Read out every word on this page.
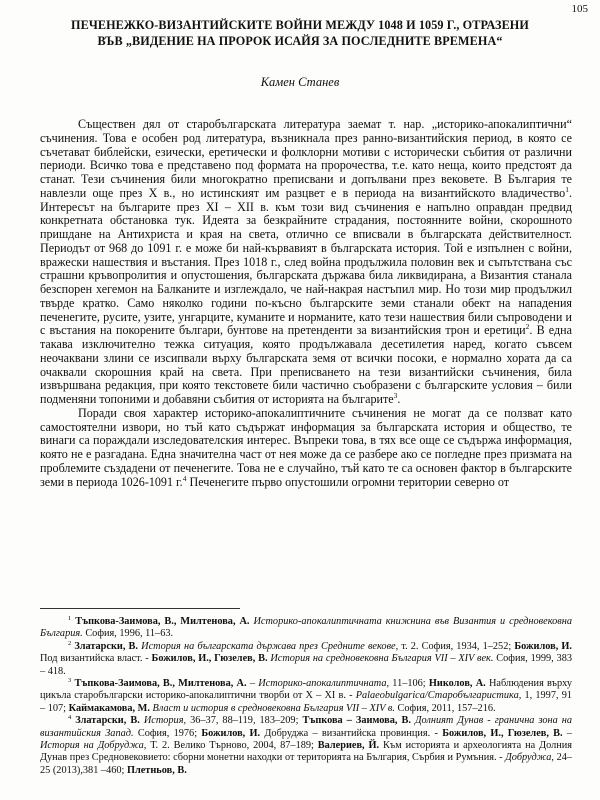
105
ПЕЧЕНЕЖКО-ВИЗАНТИЙСКИТЕ ВОЙНИ МЕЖДУ 1048 И 1059 Г., ОТРАЗЕНИ
ВЪВ „ВИДЕНИЕ НА ПРОРОК ИСАЙЯ ЗА ПОСЛЕДНИТЕ ВРЕМЕНА“
Камен Станев

Съществен дял от старобългарската литература заемат т. нар. „историко-апокалиптични“ съчинения. Това е особен род литература, възникнала през ранно-византийския период, в която се съчетават библейски, езически, еретически и фолклорни мотиви с исторически събития от различни периоди. Всичко това е представено под формата на пророчества, т.е. като неща, които предстоят да станат. Тези съчинения били многократно преписвани и допълвани през вековете. В България те навлезли още през X в., но истинският им разцвет е в периода на византийското владичество$^1$. Интересът на българите през XI – XII в. към този вид съчинения е напълно оправдан предвид конкретната обстановка тук. Идеята за безкрайните страдания, постоянните войни, скорошното пришдане на Антихриста и края на света, отлично се вписвали в българската действителност. Периодът от 968 до 1091 г. е може би най-кървавият в българската история. Той е изпълнен с войни, вражески нашествия и въстания. През 1018 г., след война продължила половин век и съпътствана със страшни кръвопролития и опустошения, българската държава била ликвидирана, а Византия станала безспорен хегемон на Балканите и изглеждало, че най-накрая настъпил мир. Но този мир продължил твърде кратко. Само няколко години по-късно българските земи станали обект на нападения печенегите, русите, узите, унгарците, куманите и норманите, като тези нашествия били съпроводени и с въстания на покорените българи, бунтове на претенденти за византийския трон и еретици$^2$. В една такава изключително тежка ситуация, която продължавала десетилетия наред, когато съвсем неочаквани злини се изсипвали върху българската земя от всички посоки, е нормално хората да са очаквали скорошния край на света. При преписването на тези византийски съчинения, била извършвана редакция, при която текстовете били частично съобразени с българските условия – били подменяни топоними и добавяни събития от историята на българите$^3$.

Поради своя характер историко-апокалиптичните съчинения не могат да се ползват като самостоятелни извори, но тъй като съдържат информация за българската история и общество, те винаги са пораждали изследователския интерес. Въпреки това, в тях все още се съдържа информация, която не е разгадана. Една значителна част от нея може да се разбере ако се погледне през призмата на проблемите създадени от печенегите. Това не е случайно, тъй като те са основен фактор в българските земи в периода 1026-1091 г.$^4$ Печенегите първо опустошили огромни територии северно от

$^1$ Тъпкова-Заимова, В., Милтенова, А. Историко-апокалиптичната книжнина във Византия и средновековна България. София, 1996, 11–63.

$^2$ Златарски, В. История на българската държава през Средните векове, т. 2. София, 1934, 1–252; Божилов, И. Под византийска власт. - Божилов, И., Гюзелев, В. История на средновековна България VII – XIV век. София, 1999, 383 – 418.

$^3$ Тъпкова-Заимова, В., Милтенова, А. – Историко-апокалиптичната, 11–106; Николов, А. Наблюдения върху цикъла старобългарски историко-апокалиптични творби от X – XI в. - Palaeobulgarica/Старобългаристика, 1, 1997, 91 – 107; Каймакамова, М. Власт и история в средновековна България VII – XIV в. София, 2011, 157–216.

$^4$ Златарски, В. История, 36–37, 88–119, 183–209; Тъпкова – Заимова, В. Долният Дунав - гранична зона на византийския Запад. София, 1976; Божилов, И. Добруджа – византийска провинция. - Божилов, И., Гюзелев, В. – История на Добруджа, Т. 2. Велико Търново, 2004, 87–189; Валериев, Й. Към историята и археологията на Долния Дунав през Средновековието: сборни монетни находки от територията на България, Сърбия и Румъния. - Добруджа, 24–25 (2013),381 –460; Плетньов, В.
